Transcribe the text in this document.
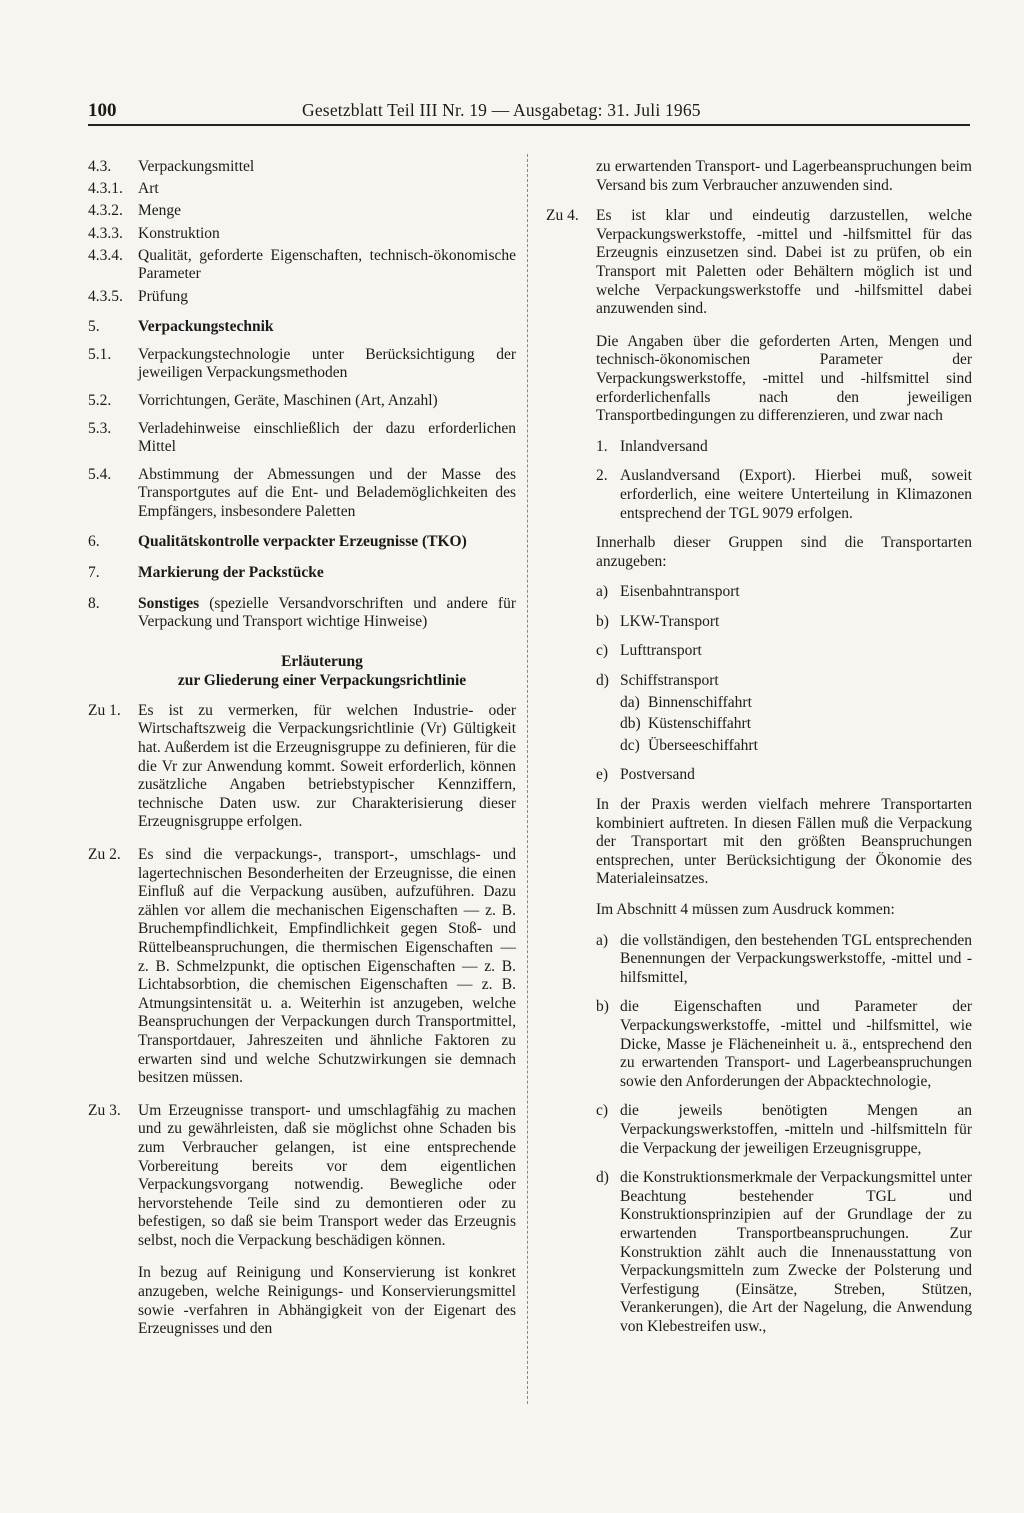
100	Gesetzblatt Teil III Nr. 19 — Ausgabetag: 31. Juli 1965
4.3.	Verpackungsmittel
4.3.1. Art
4.3.2. Menge
4.3.3. Konstruktion
4.3.4. Qualität, geforderte Eigenschaften, technisch-ökonomische Parameter
4.3.5. Prüfung
5.	Verpackungstechnik
5.1.	Verpackungstechnologie unter Berücksichtigung der jeweiligen Verpackungsmethoden
5.2.	Vorrichtungen, Geräte, Maschinen (Art, Anzahl)
5.3.	Verladehinweise einschließlich der dazu erforderlichen Mittel
5.4.	Abstimmung der Abmessungen und der Masse des Transportgutes auf die Ent- und Belademöglichkeiten des Empfängers, insbesondere Paletten
6.	Qualitätskontrolle verpackter Erzeugnisse (TKO)
7.	Markierung der Packstücke
8.	Sonstiges (spezielle Versandvorschriften und andere für Verpackung und Transport wichtige Hinweise)
Erläuterung
zur Gliederung einer Verpackungsrichtlinie
Zu 1.	Es ist zu vermerken, für welchen Industrie- oder Wirtschaftszweig die Verpackungsrichtlinie (Vr) Gültigkeit hat. Außerdem ist die Erzeugnisgruppe zu definieren, für die die Vr zur Anwendung kommt. Soweit erforderlich, können zusätzliche Angaben betriebstypischer Kennziffern, technische Daten usw. zur Charakterisierung dieser Erzeugnisgruppe erfolgen.
Zu 2.	Es sind die verpackungs-, transport-, umschlags- und lagertechnischen Besonderheiten der Erzeugnisse, die einen Einfluß auf die Verpackung ausüben, aufzuführen. Dazu zählen vor allem die mechanischen Eigenschaften — z. B. Bruchempfindlichkeit, Empfindlichkeit gegen Stoß- und Rüttelbeanspruchungen, die thermischen Eigenschaften — z. B. Schmelzpunkt, die optischen Eigenschaften — z. B. Lichtabsorbtion, die chemischen Eigenschaften — z. B. Atmungsintensität u. a. Weiterhin ist anzugeben, welche Beanspruchungen der Verpackungen durch Transportmittel, Transportdauer, Jahreszeiten und ähnliche Faktoren zu erwarten sind und welche Schutzwirkungen sie demnach besitzen müssen.
Zu 3.	Um Erzeugnisse transport- und umschlagfähig zu machen und zu gewährleisten, daß sie möglichst ohne Schaden bis zum Verbraucher gelangen, ist eine entsprechende Vorbereitung bereits vor dem eigentlichen Verpackungsvorgang notwendig. Bewegliche oder hervorstehende Teile sind zu demontieren oder zu befestigen, so daß sie beim Transport weder das Erzeugnis selbst, noch die Verpackung beschädigen können.
In bezug auf Reinigung und Konservierung ist konkret anzugeben, welche Reinigungs- und Konservierungsmittel sowie -verfahren in Abhängigkeit von der Eigenart des Erzeugnisses und den
zu erwartenden Transport- und Lagerbeanspruchungen beim Versand bis zum Verbraucher anzuwenden sind.
Zu 4.	Es ist klar und eindeutig darzustellen, welche Verpackungswerkstoffe, -mittel und -hilfsmittel für das Erzeugnis einzusetzen sind. Dabei ist zu prüfen, ob ein Transport mit Paletten oder Behältern möglich ist und welche Verpackungswerkstoffe und -hilfsmittel dabei anzuwenden sind.
Die Angaben über die geforderten Arten, Mengen und technisch-ökonomischen Parameter der Verpackungswerkstoffe, -mittel und -hilfsmittel sind erforderlichenfalls nach den jeweiligen Transportbedingungen zu differenzieren, und zwar nach
1. Inlandversand
2. Auslandversand (Export). Hierbei muß, soweit erforderlich, eine weitere Unterteilung in Klimazonen entsprechend der TGL 9079 erfolgen.
Innerhalb dieser Gruppen sind die Transportarten anzugeben:
a) Eisenbahntransport
b) LKW-Transport
c) Lufttransport
d) Schiffstransport
da) Binnenschiffahrt
db) Küstenschiffahrt
dc) Überseeschiffahrt
e) Postversand
In der Praxis werden vielfach mehrere Transportarten kombiniert auftreten. In diesen Fällen muß die Verpackung der Transportart mit den größten Beanspruchungen entsprechen, unter Berücksichtigung der Ökonomie des Materialeinsatzes.
Im Abschnitt 4 müssen zum Ausdruck kommen:
a) die vollständigen, den bestehenden TGL entsprechenden Benennungen der Verpackungswerkstoffe, -mittel und -hilfsmittel,
b) die Eigenschaften und Parameter der Verpackungswerkstoffe, -mittel und -hilfsmittel, wie Dicke, Masse je Flächeneinheit u. ä., entsprechend den zu erwartenden Transport- und Lagerbeanspruchungen sowie den Anforderungen der Abpacktechnologie,
c) die jeweils benötigten Mengen an Verpackungswerkstoffen, -mitteln und -hilfsmitteln für die Verpackung der jeweiligen Erzeugnisgruppe,
d) die Konstruktionsmerkmale der Verpackungsmittel unter Beachtung bestehender TGL und Konstruktionsprinzipien auf der Grundlage der zu erwartenden Transportbeanspruchungen. Zur Konstruktion zählt auch die Innenausstattung von Verpackungsmitteln zum Zwecke der Polsterung und Verfestigung (Einsätze, Streben, Stützen, Verankerungen), die Art der Nagelung, die Anwendung von Klebestreifen usw.,
